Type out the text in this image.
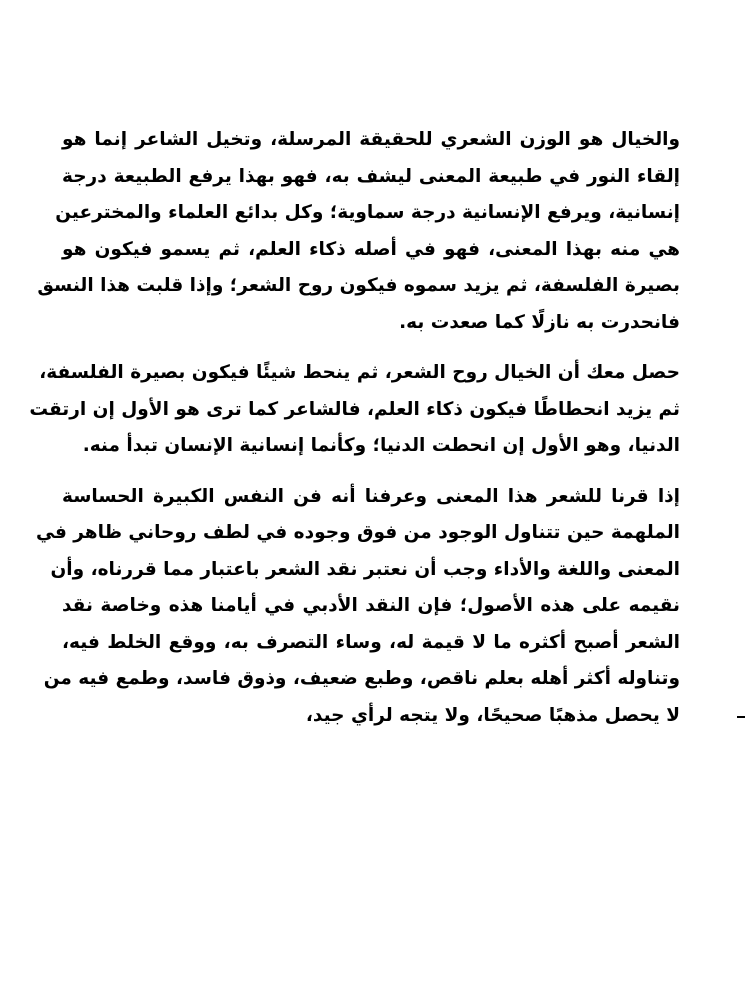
والخيال هو الوزن الشعري للحقيقة المرسلة، وتخيل الشاعر إنما هو
إلقاء النور في طبيعة المعنى ليشف به، فهو بهذا يرفع الطبيعة درجة
إنسانية، ويرفع الإنسانية درجة سماوية؛ وكل بدائع العلماء والمخترعين
هي منه بهذا المعنى، فهو في أصله ذكاء العلم، ثم يسمو فيكون هو
بصيرة الفلسفة، ثم يزيد سموه فيكون روح الشعر؛ وإذا قلبت هذا النسق
فانحدرت به نازلًا كما صعدت به.
حصل معك أن الخيال روح الشعر، ثم ينحط شيئًا فيكون بصيرة الفلسفة،
ثم يزيد انحطاطًا فيكون ذكاء العلم، فالشاعر كما ترى هو الأول إن ارتقت
الدنيا، وهو الأول إن انحطت الدنيا؛ وكأنما إنسانية الإنسان تبدأ منه.
إذا قرنا للشعر هذا المعنى وعرفنا أنه فن النفس الكبيرة الحساسة
الملهمة حين تتناول الوجود من فوق وجوده في لطف روحاني ظاهر في
المعنى واللغة والأداء وجب أن نعتبر نقد الشعر باعتبار مما قررناه، وأن
نقيمه على هذه الأصول؛ فإن النقد الأدبي في أيامنا هذه وخاصة نقد
الشعر أصبح أكثره ما لا قيمة له، وساء التصرف به، ووقع الخلط فيه،
وتناوله أكثر أهله بعلم ناقص، وطبع ضعيف، وذوق فاسد، وطمع فيه من
لا يحصل مذهبًا صحيحًا، ولا يتجه لرأي جيد،
